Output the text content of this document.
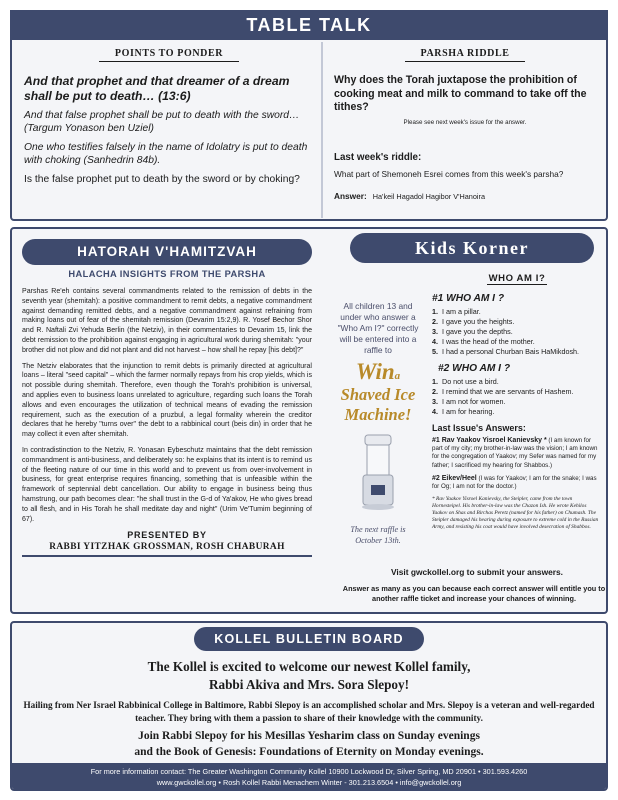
TABLE TALK
POINTS TO PONDER
And that prophet and that dreamer of a dream shall be put to death… (13:6)
And that false prophet shall be put to death with the sword… (Targum Yonason ben Uziel)
One who testifies falsely in the name of Idolatry is put to death with choking (Sanhedrin 84b).
Is the false prophet put to death by the sword or by choking?
PARSHA RIDDLE
Why does the Torah juxtapose the prohibition of cooking meat and milk to command to take off the tithes?
Please see next week's issue for the answer.
Last week's riddle:
What part of Shemoneh Esrei comes from this week's parsha?
Answer: Ha'keil Hagadol Hagibor V'Hanoira
HATORAH V'HAMITZVAH
HALACHA INSIGHTS FROM THE PARSHA

Parshas Re'eh contains several commandments related to the remission of debts in the seventh year (shemitah): a positive commandment to remit debts, a negative commandment against demanding remitted debts, and a negative commandment against refraining from making loans out of fear of the shemitah remission (Devarim 15:2,9). R. Yosef Bechor Shor and R. Naftali Zvi Yehuda Berlin (the Netziv), in their commentaries to Devarim 15, link the debt remission to the prohibition against engaging in agricultural work during shemitah: "your brother did not plow and did not plant and did not harvest – how shall he repay [his debt]?"

The Netziv elaborates that the injunction to remit debts is primarily directed at agricultural loans – literal "seed capital" – which the farmer normally repays from his crop yields, which is not possible during shemitah. Therefore, even though the Torah's prohibition is universal, and applies even to business loans unrelated to agriculture, regarding such loans the Torah allows and even encourages the utilization of technical means of evading the remission requirement, such as the execution of a pruzbul, a legal formality wherein the creditor declares that he hereby "turns over" the debt to a rabbinical court (beis din) in order that he may collect it even after shemitah.

In contradistinction to the Netziv, R. Yonasan Eybeschutz maintains that the debt remission commandment is anti-business, and deliberately so: he explains that its intent is to remind us of the fleeting nature of our time in this world and to prevent us from over-involvement in business, for great enterprise requires financing, something that is unfeasible within the framework of septennial debt cancellation. Our ability to engage in business being thus hamstrung, our path becomes clear: "he shall trust in the G-d of Ya'akov, He who gives bread to all flesh, and in His Torah he shall meditate day and night" (Urim Ve'Tumim beginning of 67).

PRESENTED BY
RABBI YITZHAK GROSSMAN, ROSH CHABURAH
Kids Korner
All children 13 and under who answer a "Who Am I?" correctly will be entered into a raffle to
Wina
Shaved Ice
Machine!
The next raffle is October 13th.
WHO AM I?
#1 WHO AM I ?
1. I am a pillar.
2. I gave you the heights.
3. I gave you the depths.
4. I was the head of the mother.
5. I had a personal Churban Bais HaMikdosh.
#2 WHO AM I ?
1. Do not use a bird.
2. I remind that we are servants of Hashem.
3. I am not for women.
4. I am for hearing.
Last Issue's Answers:
#1 Rav Yaakov Yisroel Kanievsky * (I am known for part of my city; my brother-in-law was the vision; I am known for the congregation of Yaakov; my Sefer was named for my father; I sacrificed my hearing for Shabbos.)
#2 Eikev/Heel (I was for Yaakov; I am for the snake; I was for Og; I am not for the doctor.)
* Rav Yaakov Yisroel Kanievsky, the Steipler, came from the town Hornesteipel. His brother-in-law was the Chazon Ish. He wrote Kehilos Yaakov on Shas and Birchas Peretz (named for his father) on Chumash. The Steipler damaged his hearing during exposure to extreme cold in the Russian Army, and resisting his coat would have involved desecration of Shabbos.
Visit gwckollel.org to submit your answers.
Answer as many as you can because each correct answer will entitle you to another raffle ticket and increase your chances of winning.
KOLLEL BULLETIN BOARD
The Kollel is excited to welcome our newest Kollel family,
Rabbi Akiva and Mrs. Sora Slepoy!
Hailing from Ner Israel Rabbinical College in Baltimore, Rabbi Slepoy is an accomplished scholar and Mrs. Slepoy is a veteran and well-regarded teacher. They bring with them a passion to share of their knowledge with the community.
Join Rabbi Slepoy for his Mesillas Yesharim class on Sunday evenings
and the Book of Genesis: Foundations of Eternity on Monday evenings.
For more information contact: The Greater Washington Community Kollel 10900 Lockwood Dr, Silver Spring, MD 20901 • 301.593.4260
www.gwckollel.org • Rosh Kollel Rabbi Menachem Winter - 301.213.6504 • info@gwckollel.org
